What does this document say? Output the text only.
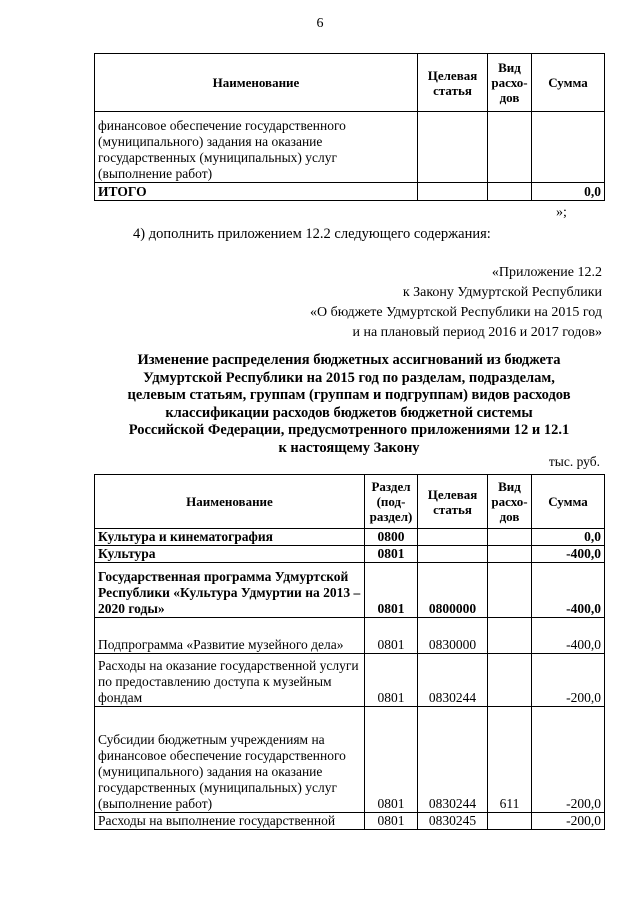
6
Наименование	Целевая статья	Вид расхо-дов	Сумма
финансовое обеспечение государственного (муниципального) задания на оказание государственных (муниципальных) услуг (выполнение работ)			
ИТОГО			0,0
»;
4) дополнить приложением 12.2 следующего содержания:
«Приложение 12.2
к Закону Удмуртской Республики
«О бюджете Удмуртской Республики на 2015 год
и на плановый период 2016 и 2017 годов»
Изменение распределения бюджетных ассигнований из бюджета
Удмуртской Республики на 2015 год по разделам, подразделам,
целевым статьям, группам (группам и подгруппам) видов расходов
классификации расходов бюджетов бюджетной системы
Российской Федерации, предусмотренного приложениями 12 и 12.1
к настоящему Закону
тыс. руб.
Наименование	Раздел (под-раздел)	Целевая статья	Вид расхо-дов	Сумма
Культура и кинематография	0800			0,0
Культура	0801			-400,0
Государственная программа Удмуртской Республики «Культура Удмуртии на 2013 – 2020 годы»	0801	0800000		-400,0
Подпрограмма «Развитие музейного дела»	0801	0830000		-400,0
Расходы на оказание государственной услуги по предоставлению доступа к музейным фондам	0801	0830244		-200,0
Субсидии бюджетным учреждениям на финансовое обеспечение государственного (муниципального) задания на оказание государственных (муниципальных) услуг (выполнение работ)	0801	0830244	611	-200,0
Расходы на выполнение государственной	0801	0830245		-200,0
